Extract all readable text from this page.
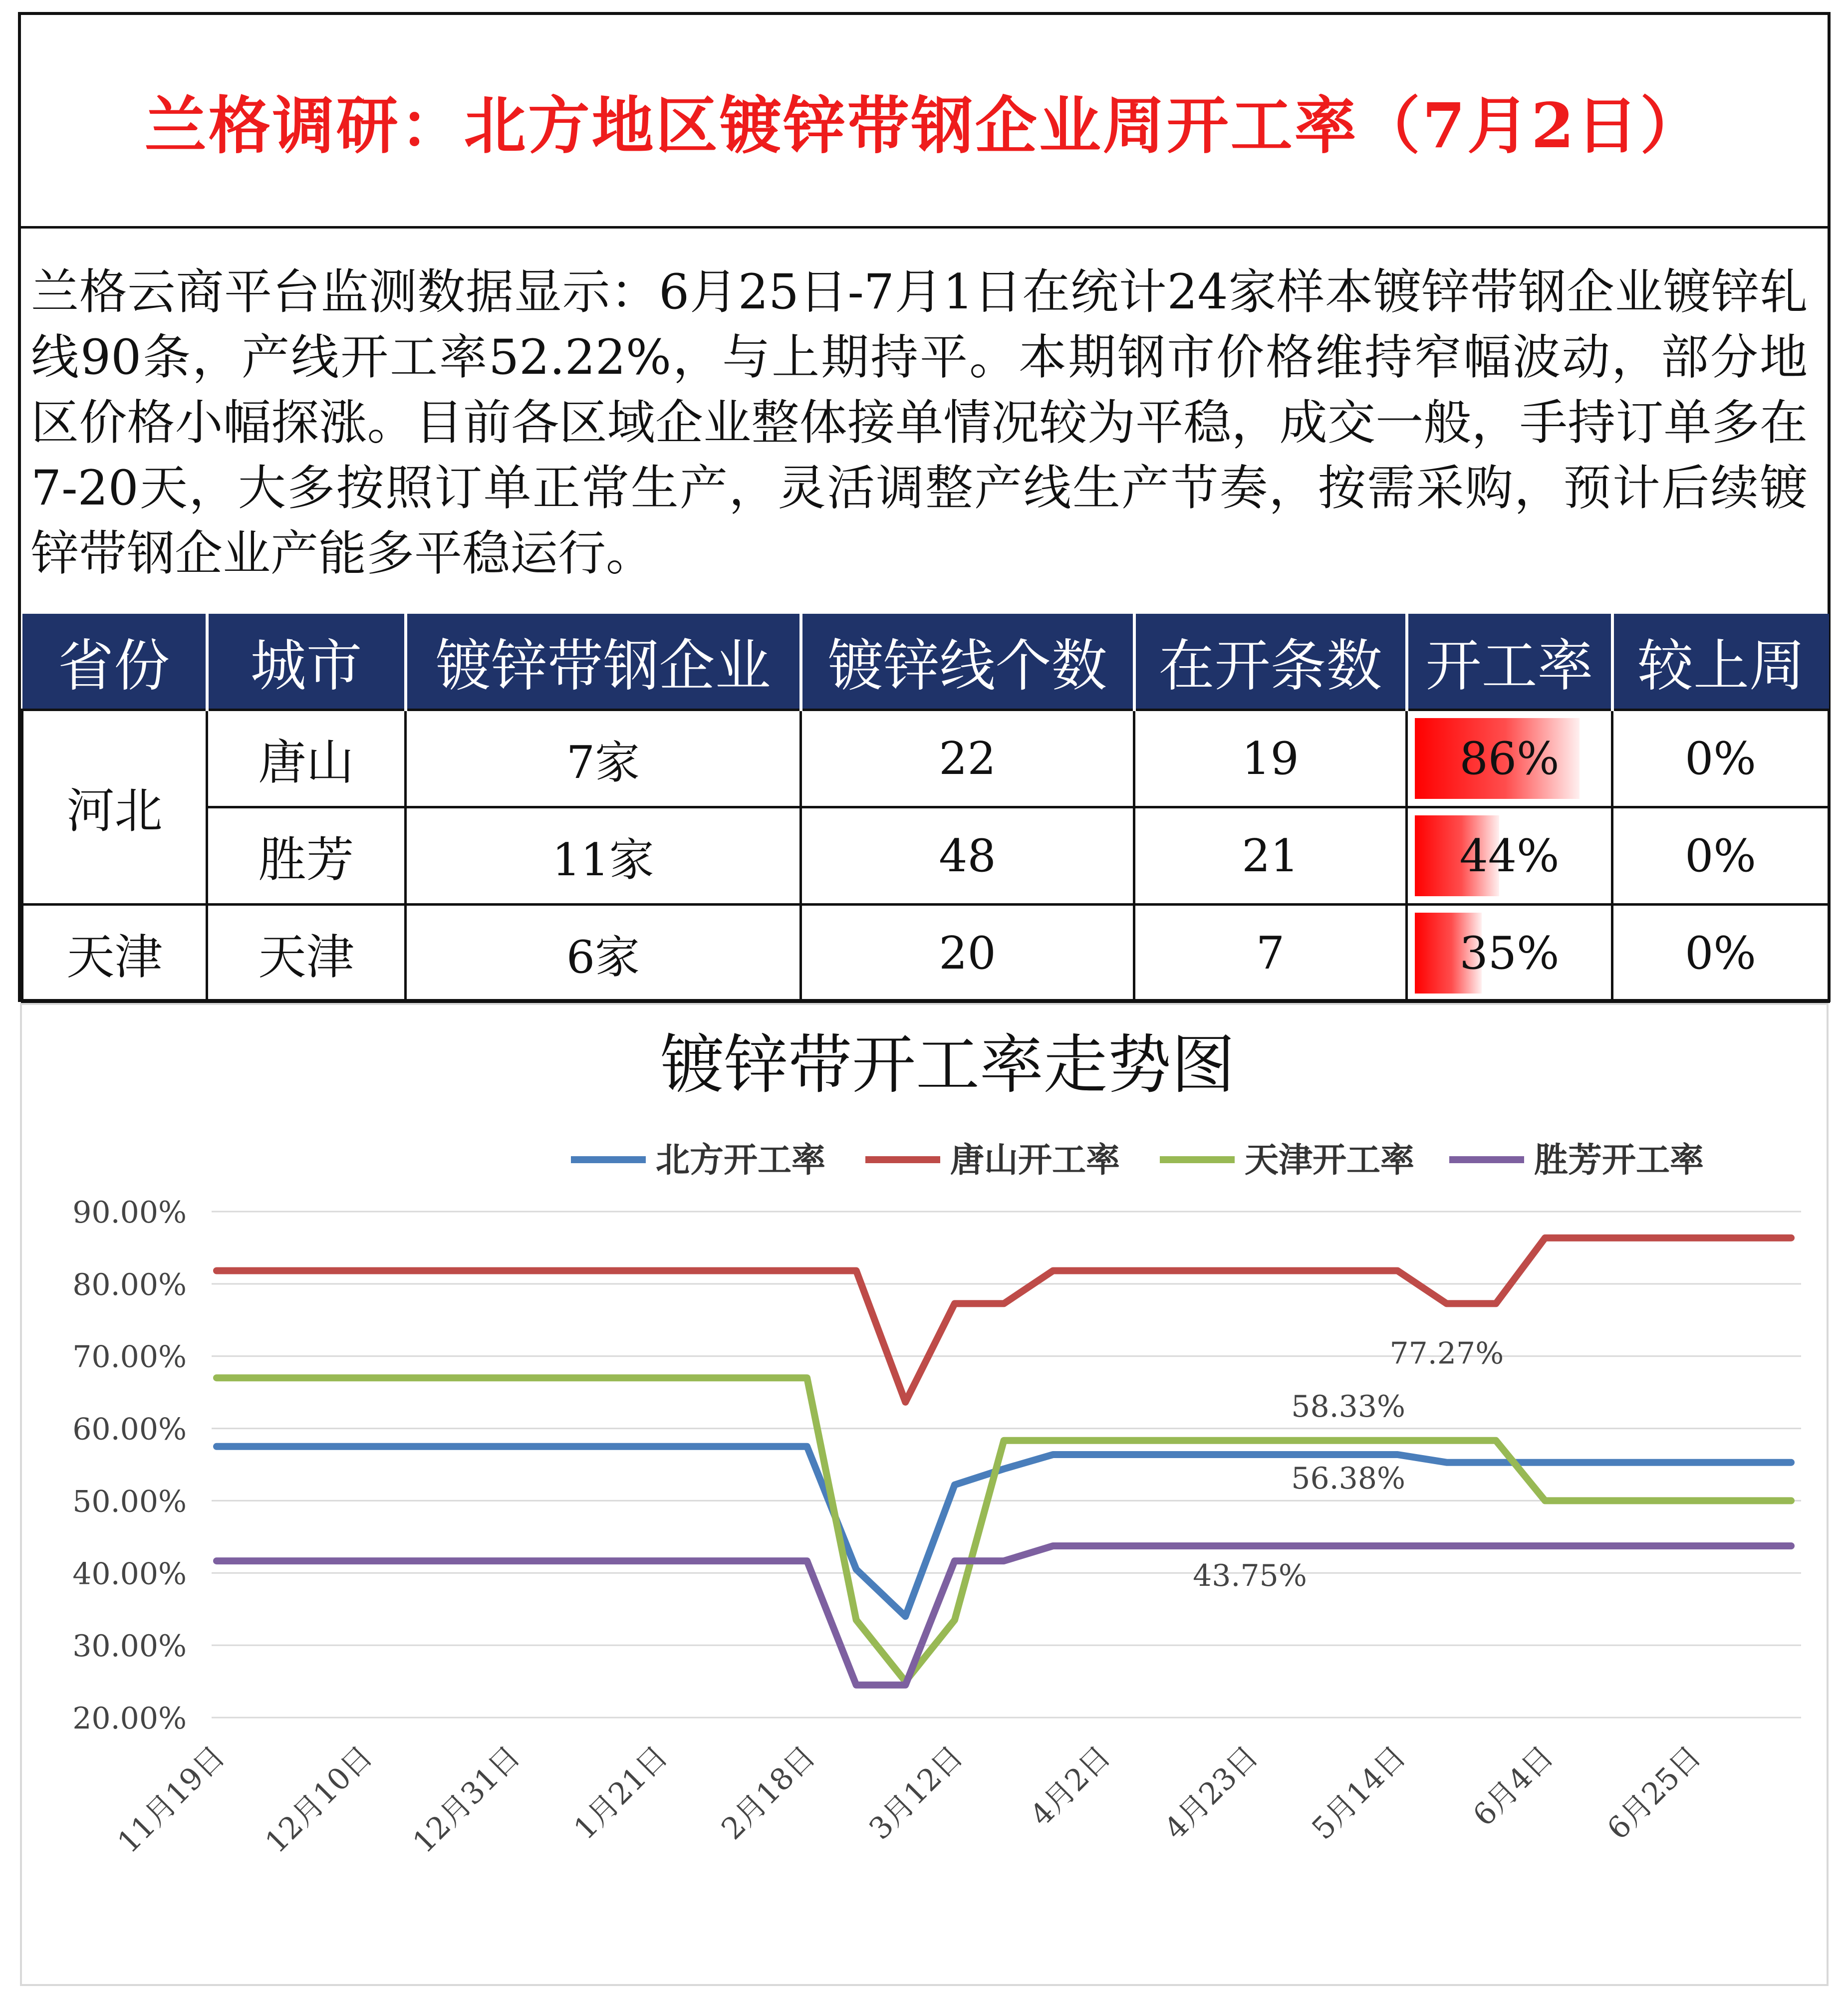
兰格调研：北方地区镀锌带钢企业周开工率（7月2日）
兰格云商平台监测数据显示：6月25日-7月1日在统计24家样本镀锌带钢企业镀锌轧线90条，产线开工率52.22%，与上期持平。本期钢市价格维持窄幅波动，部分地区价格小幅探涨。目前各区域企业整体接单情况较为平稳，成交一般，手持订单多在7-20天，大多按照订单正常生产，灵活调整产线生产节奏，按需采购，预计后续镀锌带钢企业产能多平稳运行。
省份	城市	镀锌带钢企业	镀锌线个数	在开条数	开工率	较上周
河北	唐山	7家	22	19	86%	0%
	胜芳	11家	48	21	44%	0%
天津	天津	6家	20	7	35%	0%
镀锌带开工率走势图
北方开工率	唐山开工率	天津开工率	胜芳开工率
90.00%
80.00%
70.00%
60.00%
50.00%
40.00%
30.00%
20.00%
11月19日 12月10日 12月31日 1月21日 2月18日 3月12日 4月2日 4月23日 5月14日 6月4日 6月25日
77.27%
58.33%
56.38%
43.75%
